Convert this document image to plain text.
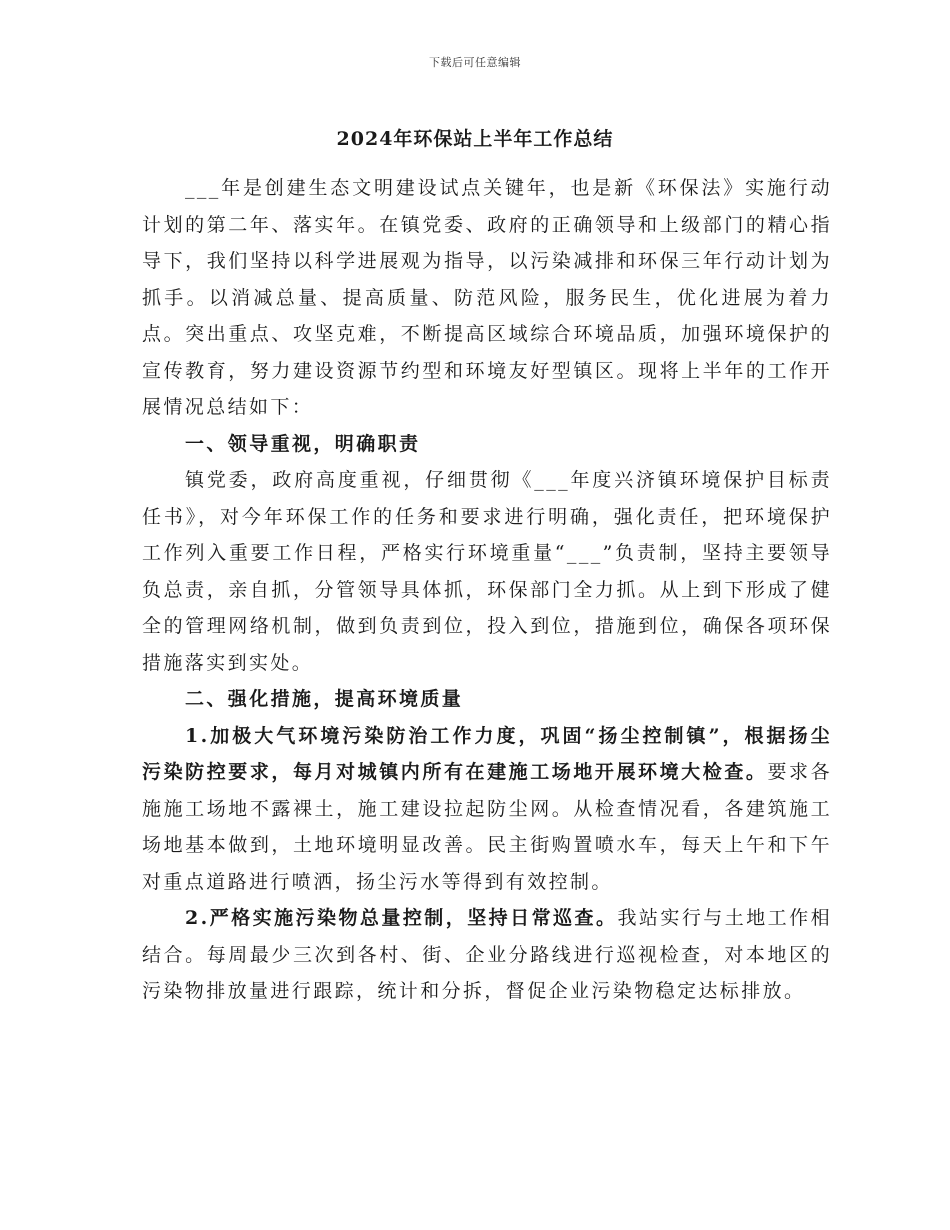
下载后可任意编辑
2024年环保站上半年工作总结

___年是创建生态文明建设试点关键年，也是新《环保法》实施行动计划的第二年、落实年。在镇党委、政府的正确领导和上级部门的精心指导下，我们坚持以科学进展观为指导，以污染减排和环保三年行动计划为抓手。以消减总量、提高质量、防范风险，服务民生，优化进展为着力点。突出重点、攻坚克难，不断提高区域综合环境品质，加强环境保护的宣传教育，努力建设资源节约型和环境友好型镇区。现将上半年的工作开展情况总结如下：

一、领导重视，明确职责

镇党委，政府高度重视，仔细贯彻《___年度兴济镇环境保护目标责任书》，对今年环保工作的任务和要求进行明确，强化责任，把环境保护工作列入重要工作日程，严格实行环境重量“___”负责制，坚持主要领导负总责，亲自抓，分管领导具体抓，环保部门全力抓。从上到下形成了健全的管理网络机制，做到负责到位，投入到位，措施到位，确保各项环保措施落实到实处。

二、强化措施，提高环境质量

1.加极大气环境污染防治工作力度，巩固“扬尘控制镇”，根据扬尘污染防控要求，每月对城镇内所有在建施工场地开展环境大检查。要求各施施工场地不露裸土，施工建设拉起防尘网。从检查情况看，各建筑施工场地基本做到，土地环境明显改善。民主街购置喷水车，每天上午和下午对重点道路进行喷洒，扬尘污水等得到有效控制。

2.严格实施污染物总量控制，坚持日常巡查。我站实行与土地工作相结合。每周最少三次到各村、街、企业分路线进行巡视检查，对本地区的污染物排放量进行跟踪，统计和分拆，督促企业污染物稳定达标排放。
